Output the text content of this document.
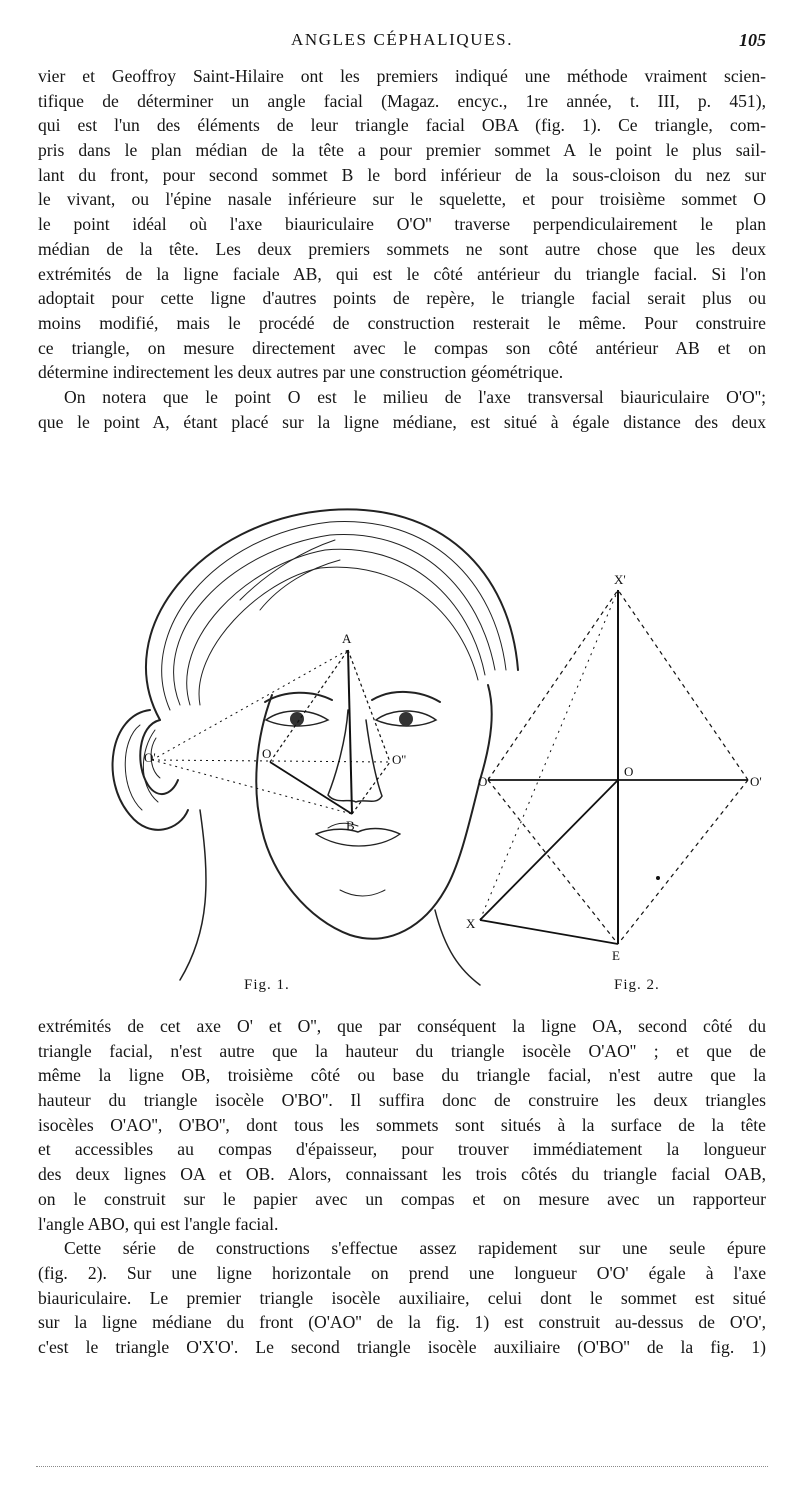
ANGLES CÉPHALIQUES.	105
vier et Geoffroy Saint-Hilaire ont les premiers indiqué une méthode vraiment scien-
tifique de déterminer un angle facial (Magaz. encyc., 1re année, t. III, p. 451),
qui est l'un des éléments de leur triangle facial OBA (fig. 1). Ce triangle, com-
pris dans le plan médian de la tête a pour premier sommet A le point le plus sail-
lant du front, pour second sommet B le bord inférieur de la sous-cloison du nez sur
le vivant, ou l'épine nasale inférieure sur le squelette, et pour troisième sommet O
le point idéal où l'axe biauriculaire O'O'' traverse perpendiculairement le plan
médian de la tête. Les deux premiers sommets ne sont autre chose que les deux
extrémités de la ligne faciale AB, qui est le côté antérieur du triangle facial. Si l'on
adoptait pour cette ligne d'autres points de repère, le triangle facial serait plus ou
moins modifié, mais le procédé de construction resterait le même. Pour construire
ce triangle, on mesure directement avec le compas son côté antérieur AB et on
détermine indirectement les deux autres par une construction géométrique.
On notera que le point O est le milieu de l'axe transversal biauriculaire O'O'';
que le point A, étant placé sur la ligne médiane, est situé à égale distance des deux
A
B
O
O'	O''
X'
O'
O
O'
X
E
Fig. 1.	Fig. 2.
extrémités de cet axe O' et O'', que par conséquent la ligne OA, second côté du
triangle facial, n'est autre que la hauteur du triangle isocèle O'AO'' ; et que de
même la ligne OB, troisième côté ou base du triangle facial, n'est autre que la
hauteur du triangle isocèle O'BO''. Il suffira donc de construire les deux triangles
isocèles O'AO'', O'BO'', dont tous les sommets sont situés à la surface de la tête
et accessibles au compas d'épaisseur, pour trouver immédiatement la longueur
des deux lignes OA et OB. Alors, connaissant les trois côtés du triangle facial OAB,
on le construit sur le papier avec un compas et on mesure avec un rapporteur
l'angle ABO, qui est l'angle facial.
Cette série de constructions s'effectue assez rapidement sur une seule épure
(fig. 2). Sur une ligne horizontale on prend une longueur O'O' égale à l'axe
biauriculaire. Le premier triangle isocèle auxiliaire, celui dont le sommet est situé
sur la ligne médiane du front (O'AO'' de la fig. 1) est construit au-dessus de O'O',
c'est le triangle O'X'O'. Le second triangle isocèle auxiliaire (O'BO'' de la fig. 1)
